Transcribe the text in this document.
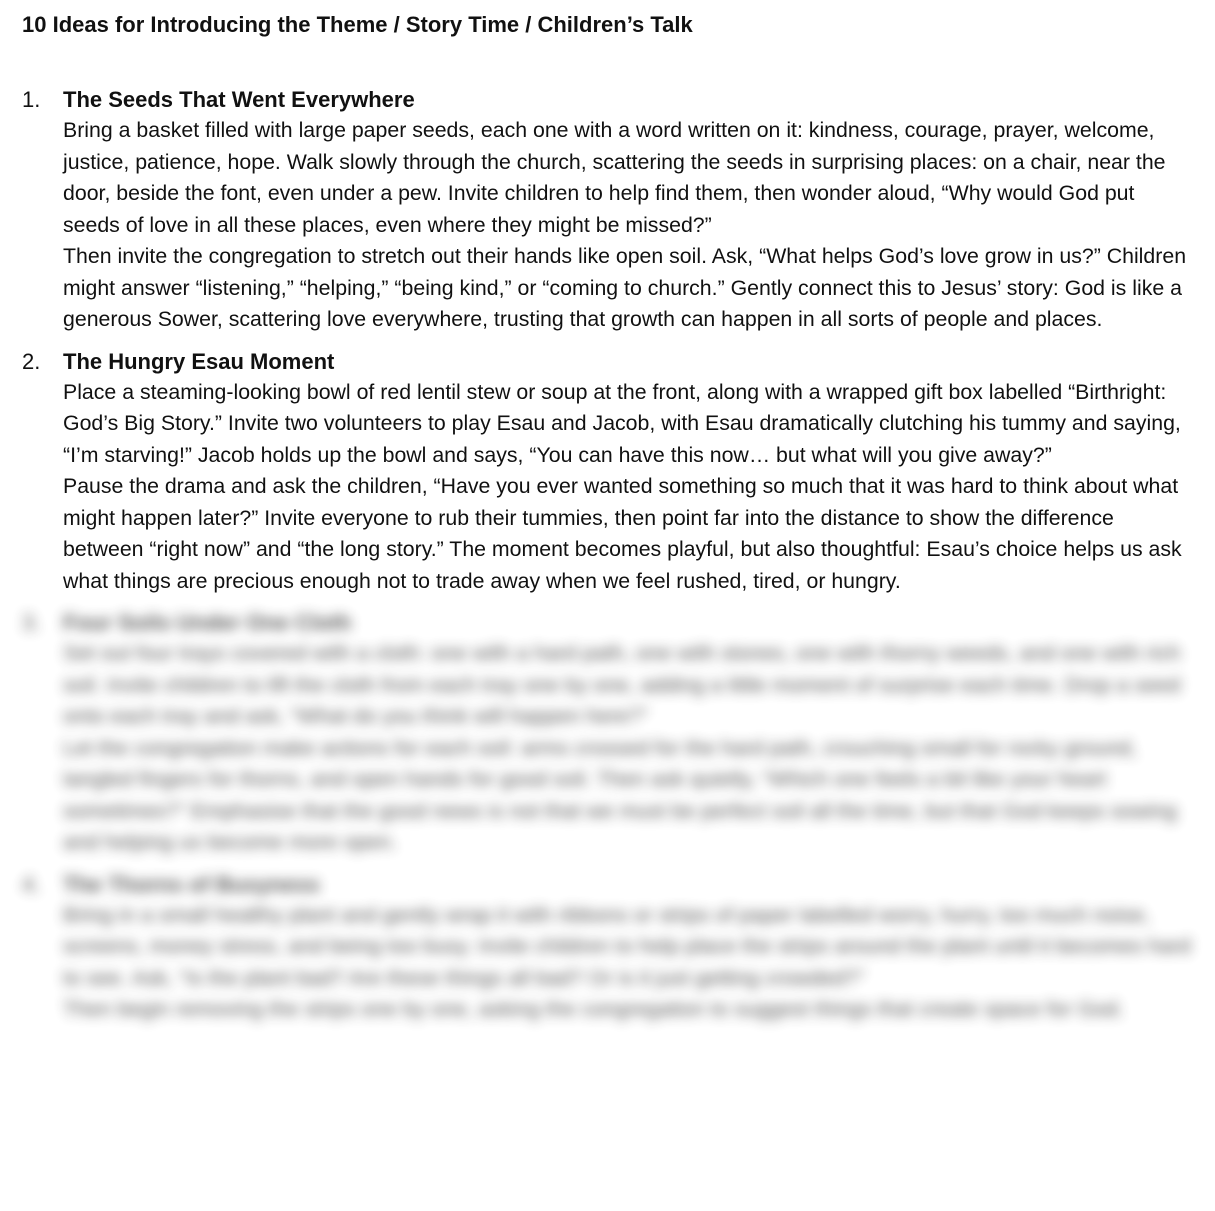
10 Ideas for Introducing the Theme / Story Time / Children’s Talk
1.	The Seeds That Went Everywhere

Bring a basket filled with large paper seeds, each one with a word written on it: kindness, courage, prayer, welcome, justice, patience, hope. Walk slowly through the church, scattering the seeds in surprising places: on a chair, near the door, beside the font, even under a pew. Invite children to help find them, then wonder aloud, “Why would God put seeds of love in all these places, even where they might be missed?”

Then invite the congregation to stretch out their hands like open soil. Ask, “What helps God’s love grow in us?” Children might answer “listening,” “helping,” “being kind,” or “coming to church.” Gently connect this to Jesus’ story: God is like a generous Sower, scattering love everywhere, trusting that growth can happen in all sorts of people and places.

2.	The Hungry Esau Moment

Place a steaming-looking bowl of red lentil stew or soup at the front, along with a wrapped gift box labelled “Birthright: God’s Big Story.” Invite two volunteers to play Esau and Jacob, with Esau dramatically clutching his tummy and saying, “I’m starving!” Jacob holds up the bowl and says, “You can have this now… but what will you give away?”

Pause the drama and ask the children, “Have you ever wanted something so much that it was hard to think about what might happen later?” Invite everyone to rub their tummies, then point far into the distance to show the difference between “right now” and “the long story.” The moment becomes playful, but also thoughtful: Esau’s choice helps us ask what things are precious enough not to trade away when we feel rushed, tired, or hungry.

3.	Four Soils Under One Cloth

Set out four trays covered with a cloth: one with a hard path, one with stones, one with thorny weeds, and one with rich soil. Invite children to lift the cloth from each tray one by one, adding a little moment of surprise each time. Drop a seed onto each tray and ask, “What do you think will happen here?”

Let the congregation make actions for each soil: arms crossed for the hard path, crouching small for rocky ground, tangled fingers for thorns, and open hands for good soil. Then ask quietly, “Which one feels a bit like your heart sometimes?” Emphasise that the good news is not that we must be perfect soil all the time, but that God keeps sowing and helping us become more open.

4.	The Thorns of Busyness

Bring in a small healthy plant and gently wrap it with ribbons or strips of paper labelled worry, hurry, too much noise, screens, money stress, and being too busy. Invite children to help place the strips around the plant until it becomes hard to see. Ask, “Is the plant bad? Are these things all bad? Or is it just getting crowded?”

Then begin removing the strips one by one, asking the congregation to suggest things that create space for God.
